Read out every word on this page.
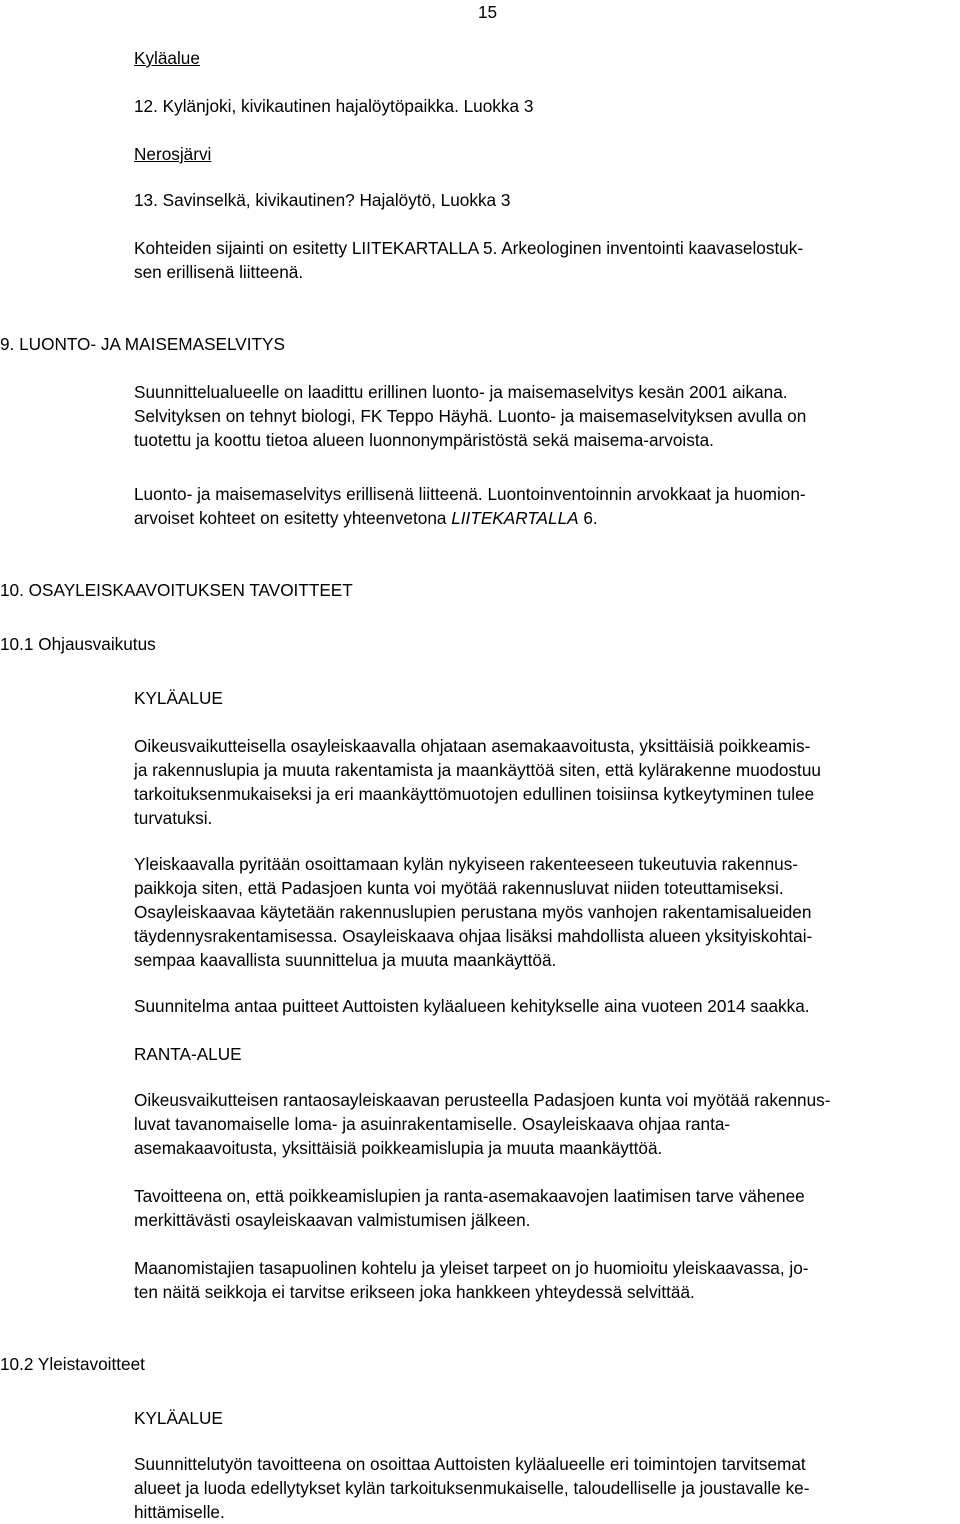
15
Kyläalue
12. Kylänjoki, kivikautinen hajalöytöpaikka. Luokka 3
Nerosjärvi
13. Savinselkä, kivikautinen? Hajalöytö, Luokka 3
Kohteiden sijainti on esitetty LIITEKARTALLA 5. Arkeologinen inventointi kaavaselostuk-
sen erillisenä liitteenä.
9. LUONTO- JA MAISEMASELVITYS
Suunnittelualueelle on laadittu erillinen luonto- ja maisemaselvitys kesän 2001 aikana.
Selvityksen on tehnyt biologi, FK Teppo Häyhä. Luonto- ja maisemaselvityksen avulla on
tuotettu ja koottu tietoa alueen luonnonympäristöstä sekä maisema-arvoista.
Luonto- ja maisemaselvitys erillisenä liitteenä. Luontoinventoinnin arvokkaat ja huomion-
arvoiset kohteet on esitetty yhteenvetona LIITEKARTALLA 6.
10. OSAYLEISKAAVOITUKSEN TAVOITTEET
10.1 Ohjausvaikutus
KYLÄALUE
Oikeusvaikutteisella osayleiskaavalla ohjataan asemakaavoitusta, yksittäisiä poikkeamis-
ja rakennuslupia ja muuta rakentamista ja maankäyttöä siten, että kylärakenne muodostuu
tarkoituksenmukaiseksi ja eri maankäyttömuotojen edullinen toisiinsa kytkeytyminen tulee
turvatuksi.
Yleiskaavalla pyritään osoittamaan kylän nykyiseen rakenteeseen tukeutuvia rakennus-
paikkoja siten, että Padasjoen kunta voi myötää rakennusluvat niiden toteuttamiseksi.
Osayleiskaavaa käytetään rakennuslupien perustana myös vanhojen rakentamisalueiden
täydennysrakentamisessa. Osayleiskaava ohjaa lisäksi mahdollista alueen yksityiskohtai-
sempaa kaavallista suunnittelua ja muuta maankäyttöä.
Suunnitelma antaa puitteet Auttoisten kyläalueen kehitykselle aina vuoteen 2014 saakka.
RANTA-ALUE
Oikeusvaikutteisen rantaosayleiskaavan perusteella Padasjoen kunta voi myötää rakennus-
luvat tavanomaiselle loma- ja asuinrakentamiselle. Osayleiskaava ohjaa ranta-
asemakaavoitusta, yksittäisiä poikkeamislupia ja muuta maankäyttöä.
Tavoitteena on, että poikkeamislupien ja ranta-asemakaavojen laatimisen tarve vähenee
merkittävästi osayleiskaavan valmistumisen jälkeen.
Maanomistajien tasapuolinen kohtelu ja yleiset tarpeet on jo huomioitu yleiskaavassa, jo-
ten näitä seikkoja ei tarvitse erikseen joka hankkeen yhteydessä selvittää.
10.2 Yleistavoitteet
KYLÄALUE
Suunnittelutyön tavoitteena on osoittaa Auttoisten kyläalueelle eri toimintojen tarvitsemat
alueet ja luoda edellytykset kylän tarkoituksenmukaiselle, taloudelliselle ja joustavalle ke-
hittämiselle.
